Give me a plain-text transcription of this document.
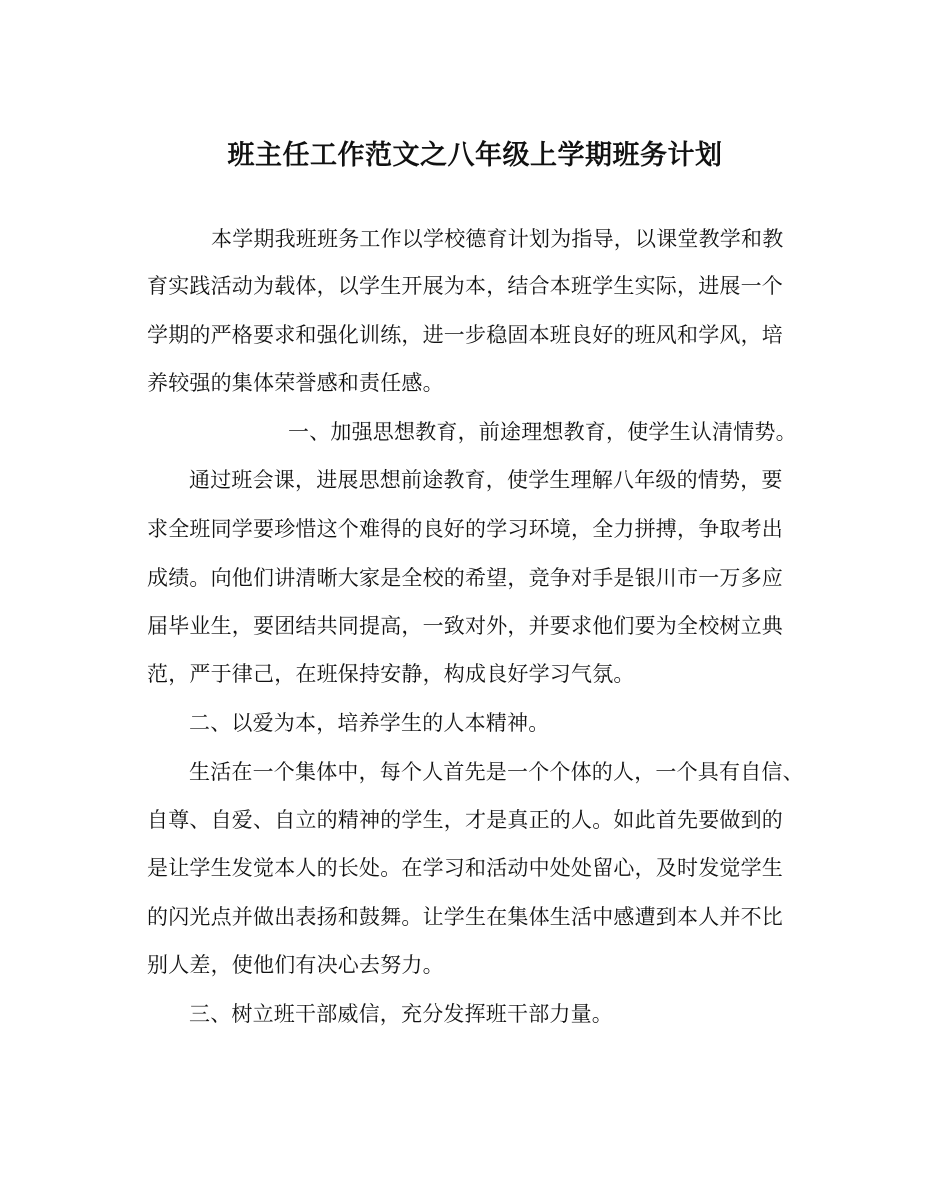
班主任工作范文之八年级上学期班务计划
本学期我班班务工作以学校德育计划为指导，以课堂教学和教
育实践活动为载体，以学生开展为本，结合本班学生实际，进展一个
学期的严格要求和强化训练，进一步稳固本班良好的班风和学风，培
养较强的集体荣誉感和责任感。
一、加强思想教育，前途理想教育，使学生认清情势。
通过班会课，进展思想前途教育，使学生理解八年级的情势，要
求全班同学要珍惜这个难得的良好的学习环境，全力拼搏，争取考出
成绩。向他们讲清晰大家是全校的希望，竞争对手是银川市一万多应
届毕业生，要团结共同提高，一致对外，并要求他们要为全校树立典
范，严于律己，在班保持安静，构成良好学习气氛。
二、以爱为本，培养学生的人本精神。
生活在一个集体中，每个人首先是一个个体的人，一个具有自信、
自尊、自爱、自立的精神的学生，才是真正的人。如此首先要做到的
是让学生发觉本人的长处。在学习和活动中处处留心，及时发觉学生
的闪光点并做出表扬和鼓舞。让学生在集体生活中感遭到本人并不比
别人差，使他们有决心去努力。
三、树立班干部威信，充分发挥班干部力量。
